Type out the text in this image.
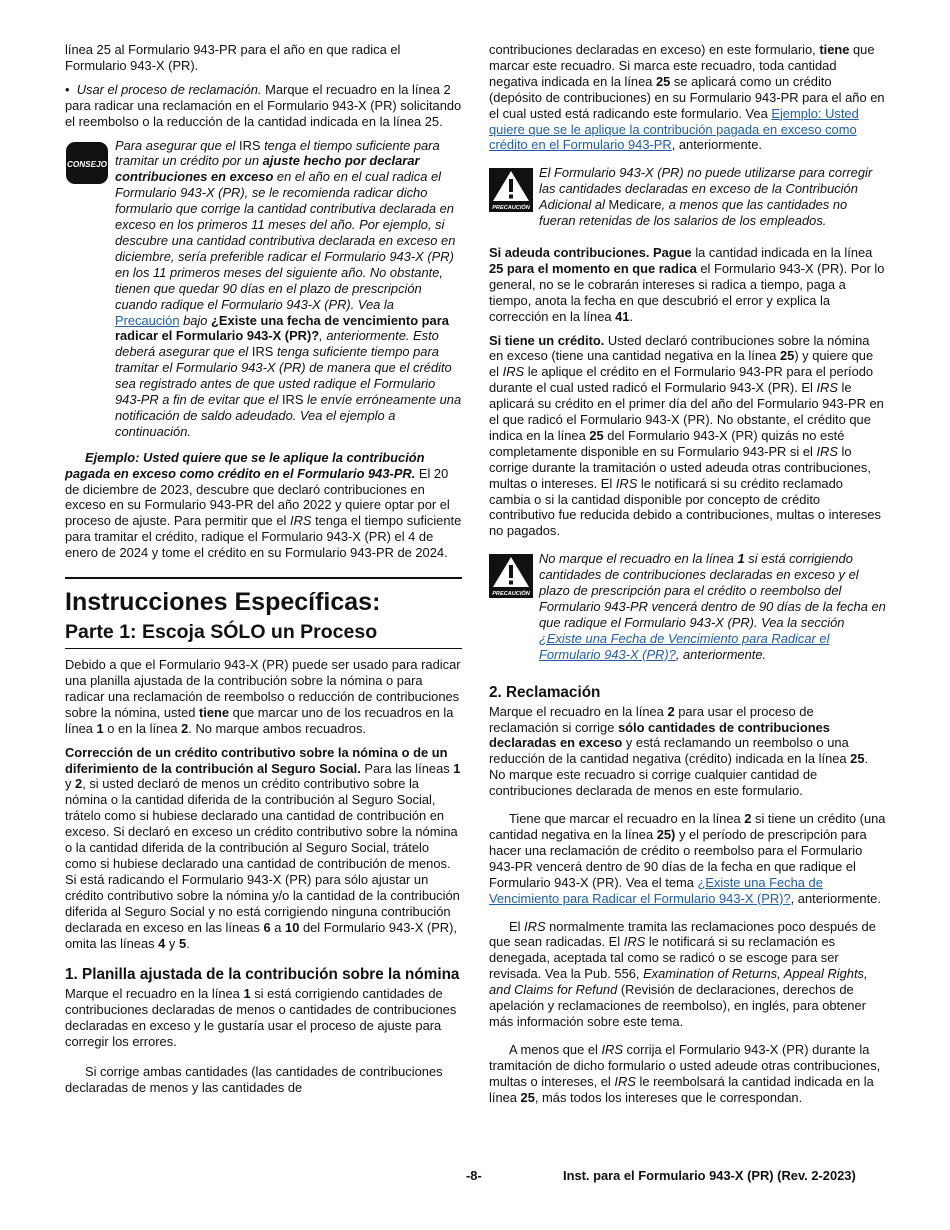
línea 25 al Formulario 943-PR para el año en que radica el Formulario 943-X (PR).

•  Usar el proceso de reclamación. Marque el recuadro en la línea 2 para radicar una reclamación en el Formulario 943-X (PR) solicitando el reembolso o la reducción de la cantidad indicada en la línea 25.

CONSEJO
Para asegurar que el IRS tenga el tiempo suficiente para tramitar un crédito por un ajuste hecho por declarar contribuciones en exceso en el año en el cual radica el Formulario 943-X (PR), se le recomienda radicar dicho formulario que corrige la cantidad contributiva declarada en exceso en los primeros 11 meses del año. Por ejemplo, si descubre una cantidad contributiva declarada en exceso en diciembre, sería preferible radicar el Formulario 943-X (PR) en los 11 primeros meses del siguiente año. No obstante, tienen que quedar 90 días en el plazo de prescripción cuando radique el Formulario 943-X (PR). Vea la Precaución bajo ¿Existe una fecha de vencimiento para radicar el Formulario 943-X (PR)?, anteriormente. Esto deberá asegurar que el IRS tenga suficiente tiempo para tramitar el Formulario 943-X (PR) de manera que el crédito sea registrado antes de que usted radique el Formulario 943-PR a fin de evitar que el IRS le envíe erróneamente una notificación de saldo adeudado. Vea el ejemplo a continuación.

Ejemplo: Usted quiere que se le aplique la contribución pagada en exceso como crédito en el Formulario 943-PR. El 20 de diciembre de 2023, descubre que declaró contribuciones en exceso en su Formulario 943-PR del año 2022 y quiere optar por el proceso de ajuste. Para permitir que el IRS tenga el tiempo suficiente para tramitar el crédito, radique el Formulario 943-X (PR) el 4 de enero de 2024 y tome el crédito en su Formulario 943-PR de 2024.

Instrucciones Específicas:
Parte 1: Escoja SÓLO un Proceso

Debido a que el Formulario 943-X (PR) puede ser usado para radicar una planilla ajustada de la contribución sobre la nómina o para radicar una reclamación de reembolso o reducción de contribuciones sobre la nómina, usted tiene que marcar uno de los recuadros en la línea 1 o en la línea 2. No marque ambos recuadros.

Corrección de un crédito contributivo sobre la nómina o de un diferimiento de la contribución al Seguro Social. Para las líneas 1 y 2, si usted declaró de menos un crédito contributivo sobre la nómina o la cantidad diferida de la contribución al Seguro Social, trátelo como si hubiese declarado una cantidad de contribución en exceso. Si declaró en exceso un crédito contributivo sobre la nómina o la cantidad diferida de la contribución al Seguro Social, trátelo como si hubiese declarado una cantidad de contribución de menos. Si está radicando el Formulario 943-X (PR) para sólo ajustar un crédito contributivo sobre la nómina y/o la cantidad de la contribución diferida al Seguro Social y no está corrigiendo ninguna contribución declarada en exceso en las líneas 6 a 10 del Formulario 943-X (PR), omita las líneas 4 y 5.

1. Planilla ajustada de la contribución sobre la nómina

Marque el recuadro en la línea 1 si está corrigiendo cantidades de contribuciones declaradas de menos o cantidades de contribuciones declaradas en exceso y le gustaría usar el proceso de ajuste para corregir los errores.

Si corrige ambas cantidades (las cantidades de contribuciones declaradas de menos y las cantidades de

contribuciones declaradas en exceso) en este formulario, tiene que marcar este recuadro. Si marca este recuadro, toda cantidad negativa indicada en la línea 25 se aplicará como un crédito (depósito de contribuciones) en su Formulario 943-PR para el año en el cual usted está radicando este formulario. Vea Ejemplo: Usted quiere que se le aplique la contribución pagada en exceso como crédito en el Formulario 943-PR, anteriormente.

PRECAUCIÓN
El Formulario 943-X (PR) no puede utilizarse para corregir las cantidades declaradas en exceso de la Contribución Adicional al Medicare, a menos que las cantidades no fueran retenidas de los salarios de los empleados.

Si adeuda contribuciones. Pague la cantidad indicada en la línea 25 para el momento en que radica el Formulario 943-X (PR). Por lo general, no se le cobrarán intereses si radica a tiempo, paga a tiempo, anota la fecha en que descubrió el error y explica la corrección en la línea 41.

Si tiene un crédito. Usted declaró contribuciones sobre la nómina en exceso (tiene una cantidad negativa en la línea 25) y quiere que el IRS le aplique el crédito en el Formulario 943-PR para el período durante el cual usted radicó el Formulario 943-X (PR). El IRS le aplicará su crédito en el primer día del año del Formulario 943-PR en el que radicó el Formulario 943-X (PR). No obstante, el crédito que indica en la línea 25 del Formulario 943-X (PR) quizás no esté completamente disponible en su Formulario 943-PR si el IRS lo corrige durante la tramitación o usted adeuda otras contribuciones, multas o intereses. El IRS le notificará si su crédito reclamado cambia o si la cantidad disponible por concepto de crédito contributivo fue reducida debido a contribuciones, multas o intereses no pagados.

PRECAUCIÓN
No marque el recuadro en la línea 1 si está corrigiendo cantidades de contribuciones declaradas en exceso y el plazo de prescripción para el crédito o reembolso del Formulario 943-PR vencerá dentro de 90 días de la fecha en que radique el Formulario 943-X (PR). Vea la sección ¿Existe una Fecha de Vencimiento para Radicar el Formulario 943-X (PR)?, anteriormente.
2. Reclamación

Marque el recuadro en la línea 2 para usar el proceso de reclamación si corrige sólo cantidades de contribuciones declaradas en exceso y está reclamando un reembolso o una reducción de la cantidad negativa (crédito) indicada en la línea 25. No marque este recuadro si corrige cualquier cantidad de contribuciones declarada de menos en este formulario.

Tiene que marcar el recuadro en la línea 2 si tiene un crédito (una cantidad negativa en la línea 25) y el período de prescripción para hacer una reclamación de crédito o reembolso para el Formulario 943-PR vencerá dentro de 90 días de la fecha en que radique el Formulario 943-X (PR). Vea el tema ¿Existe una Fecha de Vencimiento para Radicar el Formulario 943-X (PR)?, anteriormente.

El IRS normalmente tramita las reclamaciones poco después de que sean radicadas. El IRS le notificará si su reclamación es denegada, aceptada tal como se radicó o se escoge para ser revisada. Vea la Pub. 556, Examination of Returns, Appeal Rights, and Claims for Refund (Revisión de declaraciones, derechos de apelación y reclamaciones de reembolso), en inglés, para obtener más información sobre este tema.

A menos que el IRS corrija el Formulario 943-X (PR) durante la tramitación de dicho formulario o usted adeude otras contribuciones, multas o intereses, el IRS le reembolsará la cantidad indicada en la línea 25, más todos los intereses que le correspondan.

-8-	Inst. para el Formulario 943-X (PR) (Rev. 2-2023)
